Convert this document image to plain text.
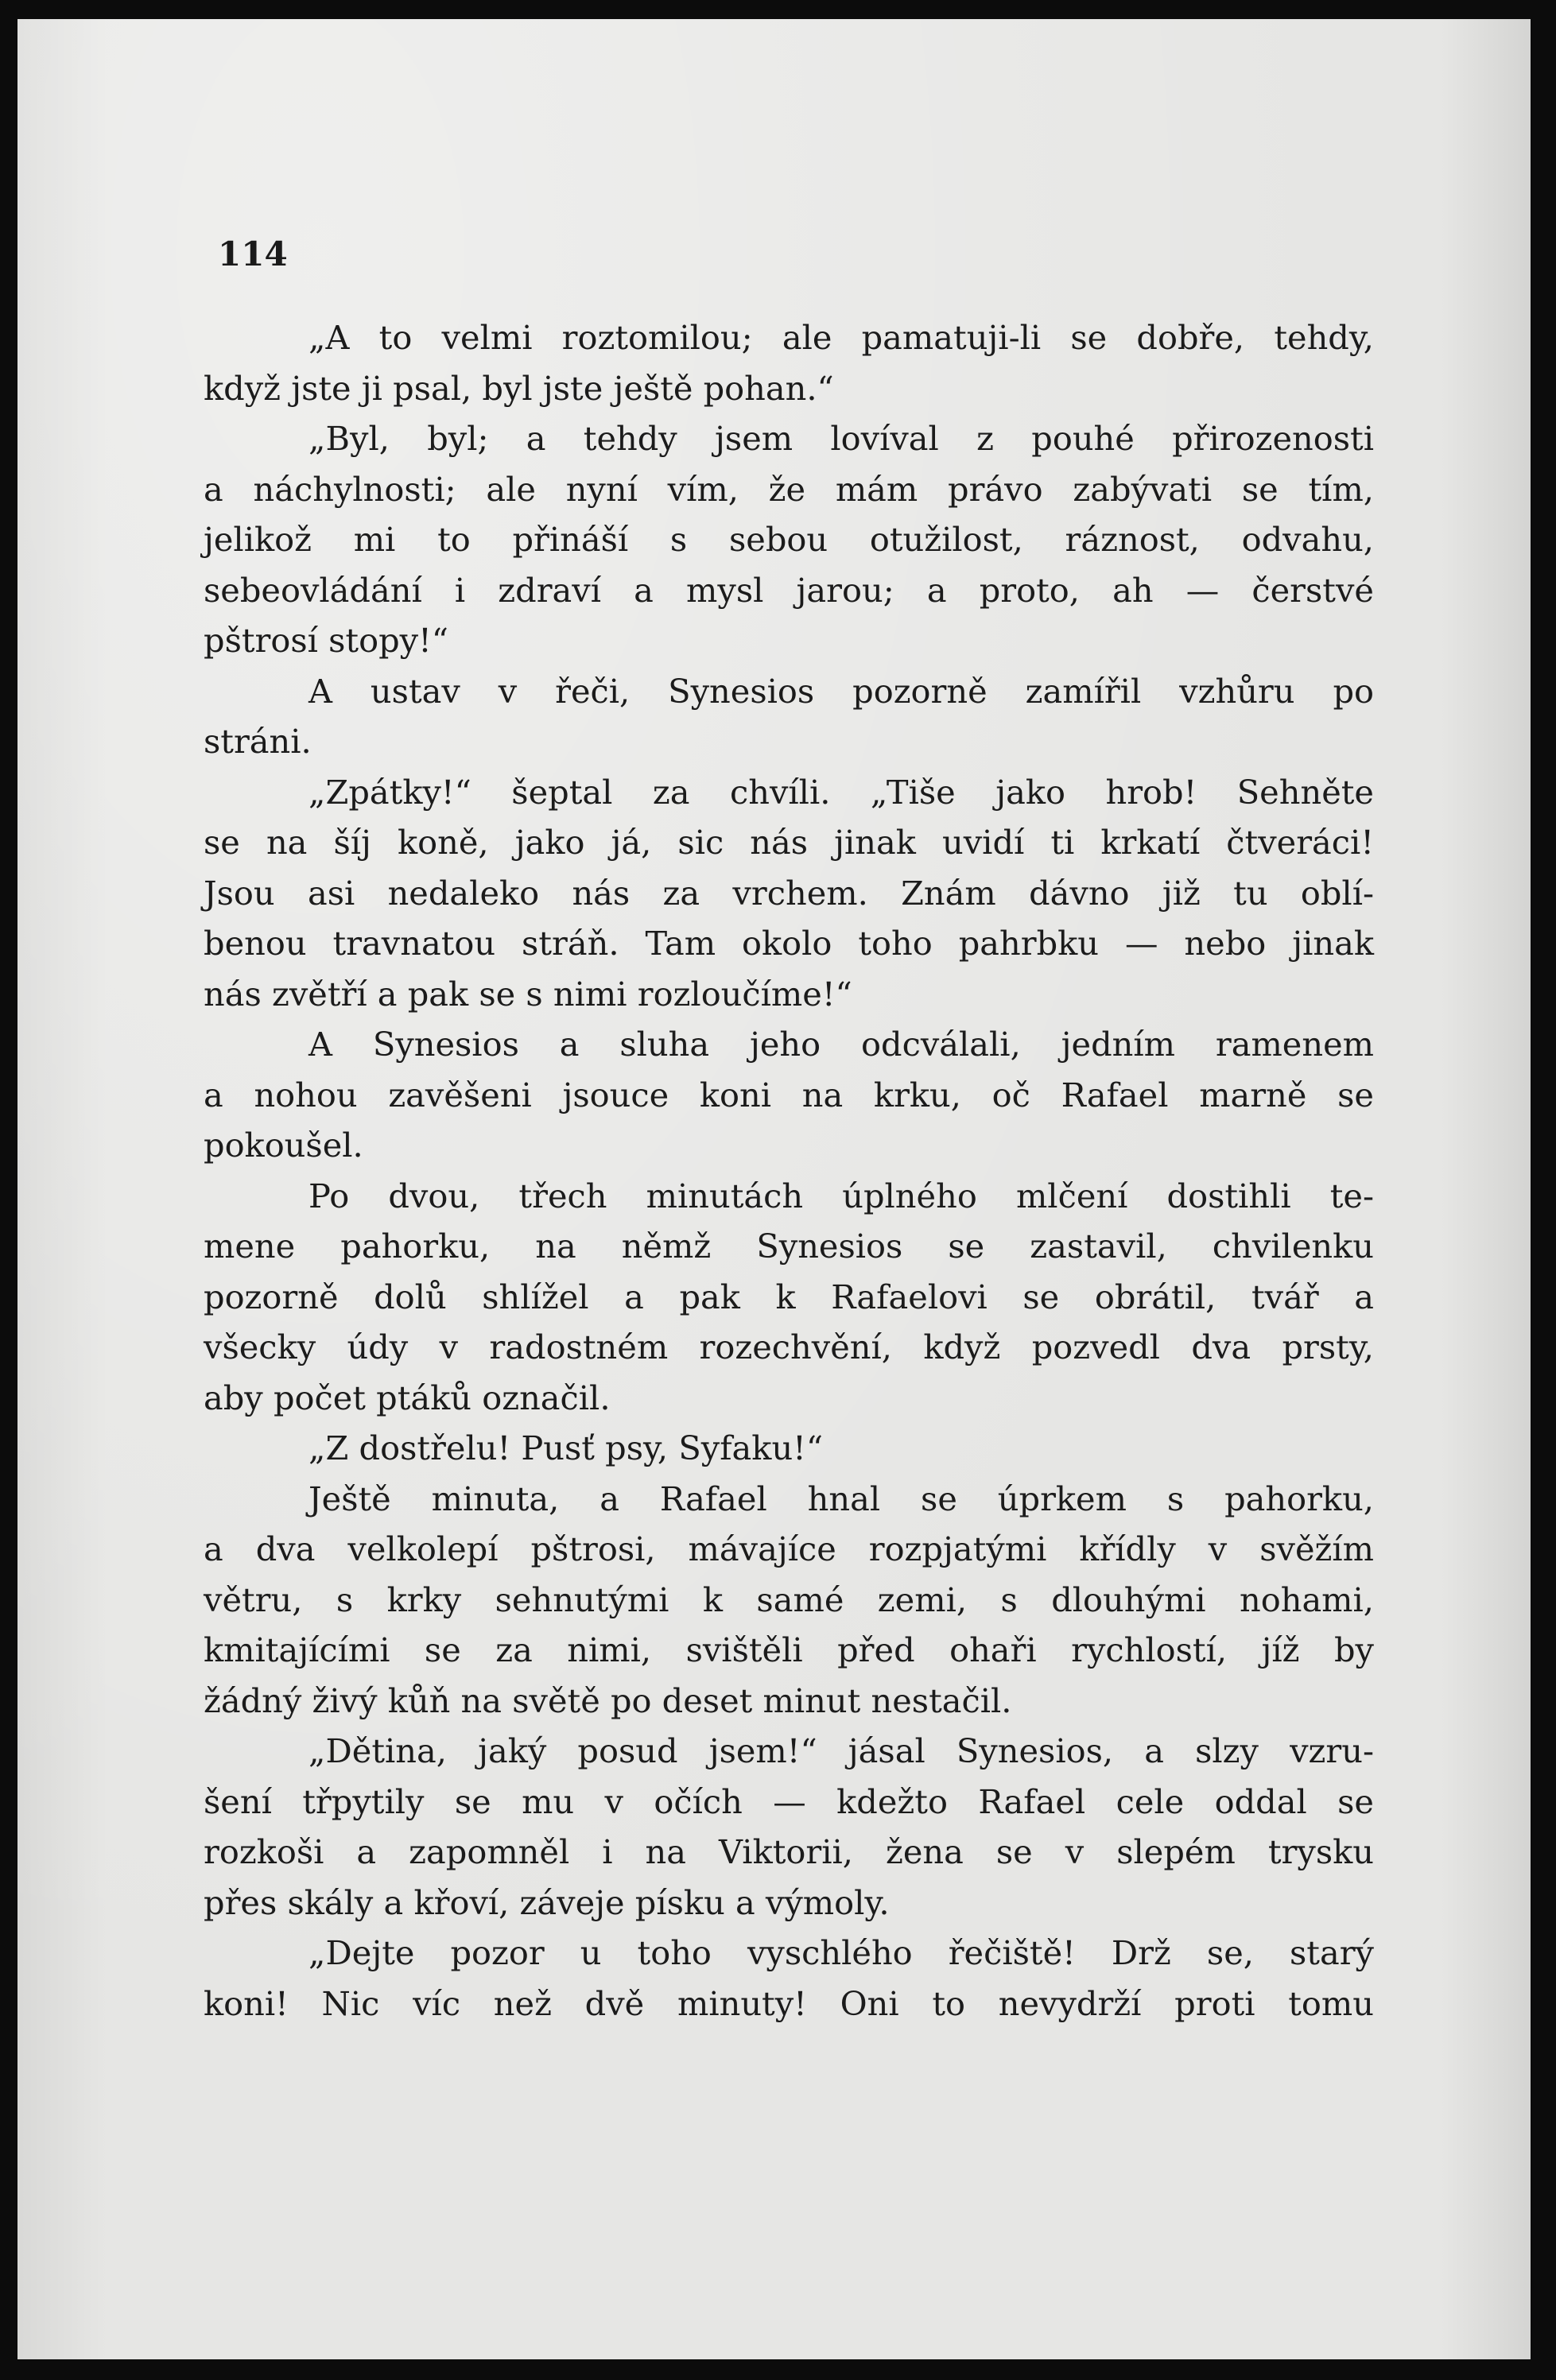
114

„A to velmi roztomilou; ale pamatuji-li se dobře, tehdy,
když jste ji psal, byl jste ještě pohan.“
„Byl, byl; a tehdy jsem lovíval z pouhé přirozenosti
a náchylnosti; ale nyní vím, že mám právo zabývati se tím,
jelikož mi to přináší s sebou otužilost, ráznost, odvahu,
sebeovládání i zdraví a mysl jarou; a proto, ah — čerstvé
pštrosí stopy!“
A ustav v řeči, Synesios pozorně zamířil vzhůru po
stráni.
„Zpátky!“ šeptal za chvíli. „Tiše jako hrob! Sehněte
se na šíj koně, jako já, sic nás jinak uvidí ti krkatí čtveráci!
Jsou asi nedaleko nás za vrchem. Znám dávno již tu oblí-
benou travnatou stráň. Tam okolo toho pahrbku — nebo jinak
nás zvětří a pak se s nimi rozloučíme!“
A Synesios a sluha jeho odcválali, jedním ramenem
a nohou zavěšeni jsouce koni na krku, oč Rafael marně se
pokoušel.
Po dvou, třech minutách úplného mlčení dostihli te-
mene pahorku, na němž Synesios se zastavil, chvilenku
pozorně dolů shlížel a pak k Rafaelovi se obrátil, tvář a
všecky údy v radostném rozechvění, když pozvedl dva prsty,
aby počet ptáků označil.
„Z dostřelu! Pusť psy, Syfaku!“
Ještě minuta, a Rafael hnal se úprkem s pahorku,
a dva velkolepí pštrosi, mávajíce rozpjatými křídly v svěžím
větru, s krky sehnutými k samé zemi, s dlouhými nohami,
kmitajícími se za nimi, svištěli před ohaři rychlostí, jíž by
žádný živý kůň na světě po deset minut nestačil.
„Dětina, jaký posud jsem!“ jásal Synesios, a slzy vzru-
šení třpytily se mu v očích — kdežto Rafael cele oddal se
rozkoši a zapomněl i na Viktorii, žena se v slepém trysku
přes skály a křoví, záveje písku a výmoly.
„Dejte pozor u toho vyschlého řečiště! Drž se, starý
koni! Nic víc než dvě minuty! Oni to nevydrží proti tomu
